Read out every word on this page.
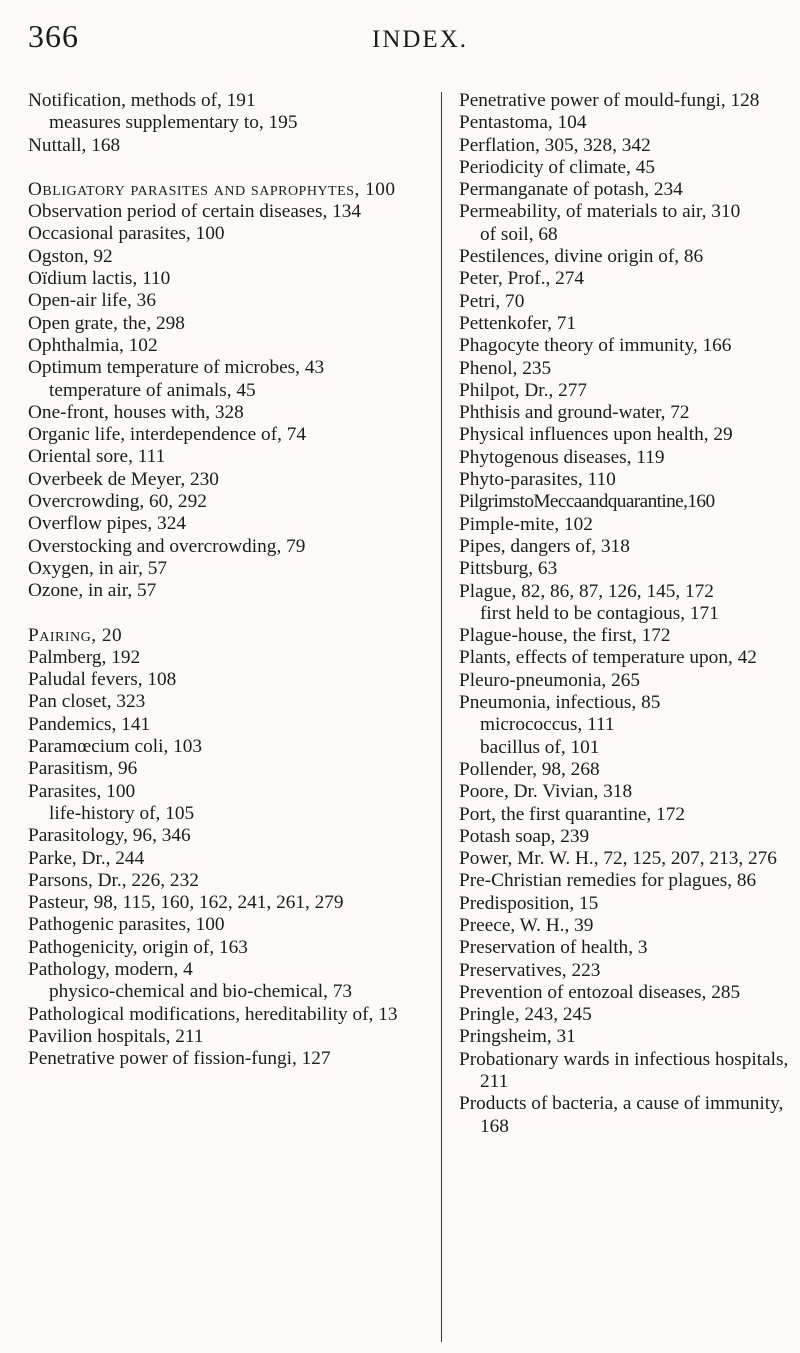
366	INDEX.
Notification, methods of, 191
measures supplementary to, 195
Nuttall, 168
Obligatory parasites and saprophytes, 100
Observation period of certain diseases, 134
Occasional parasites, 100
Ogston, 92
Oïdium lactis, 110
Open-air life, 36
Open grate, the, 298
Ophthalmia, 102
Optimum temperature of microbes, 43
temperature of animals, 45
One-front, houses with, 328
Organic life, interdependence of, 74
Oriental sore, 111
Overbeek de Meyer, 230
Overcrowding, 60, 292
Overflow pipes, 324
Overstocking and overcrowding, 79
Oxygen, in air, 57
Ozone, in air, 57
Pairing, 20
Palmberg, 192
Paludal fevers, 108
Pan closet, 323
Pandemics, 141
Paramœcium coli, 103
Parasitism, 96
Parasites, 100
life-history of, 105
Parasitology, 96, 346
Parke, Dr., 244
Parsons, Dr., 226, 232
Pasteur, 98, 115, 160, 162, 241, 261, 279
Pathogenic parasites, 100
Pathogenicity, origin of, 163
Pathology, modern, 4
physico-chemical and bio-chemical, 73
Pathological modifications, hereditability of, 13
Pavilion hospitals, 211
Penetrative power of fission-fungi, 127
Penetrative power of mould-fungi, 128
Pentastoma, 104
Perflation, 305, 328, 342
Periodicity of climate, 45
Permanganate of potash, 234
Permeability, of materials to air, 310
of soil, 68
Pestilences, divine origin of, 86
Peter, Prof., 274
Petri, 70
Pettenkofer, 71
Phagocyte theory of immunity, 166
Phenol, 235
Philpot, Dr., 277
Phthisis and ground-water, 72
Physical influences upon health, 29
Phytogenous diseases, 119
Phyto-parasites, 110
PilgrimstoMeccaandquarantine,160
Pimple-mite, 102
Pipes, dangers of, 318
Pittsburg, 63
Plague, 82, 86, 87, 126, 145, 172
first held to be contagious, 171
Plague-house, the first, 172
Plants, effects of temperature upon, 42
Pleuro-pneumonia, 265
Pneumonia, infectious, 85
micrococcus, 111
bacillus of, 101
Pollender, 98, 268
Poore, Dr. Vivian, 318
Port, the first quarantine, 172
Potash soap, 239
Power, Mr. W. H., 72, 125, 207, 213, 276
Pre-Christian remedies for plagues, 86
Predisposition, 15
Preece, W. H., 39
Preservation of health, 3
Preservatives, 223
Prevention of entozoal diseases, 285
Pringle, 243, 245
Pringsheim, 31
Probationary wards in infectious hospitals, 211
Products of bacteria, a cause of immunity, 168
